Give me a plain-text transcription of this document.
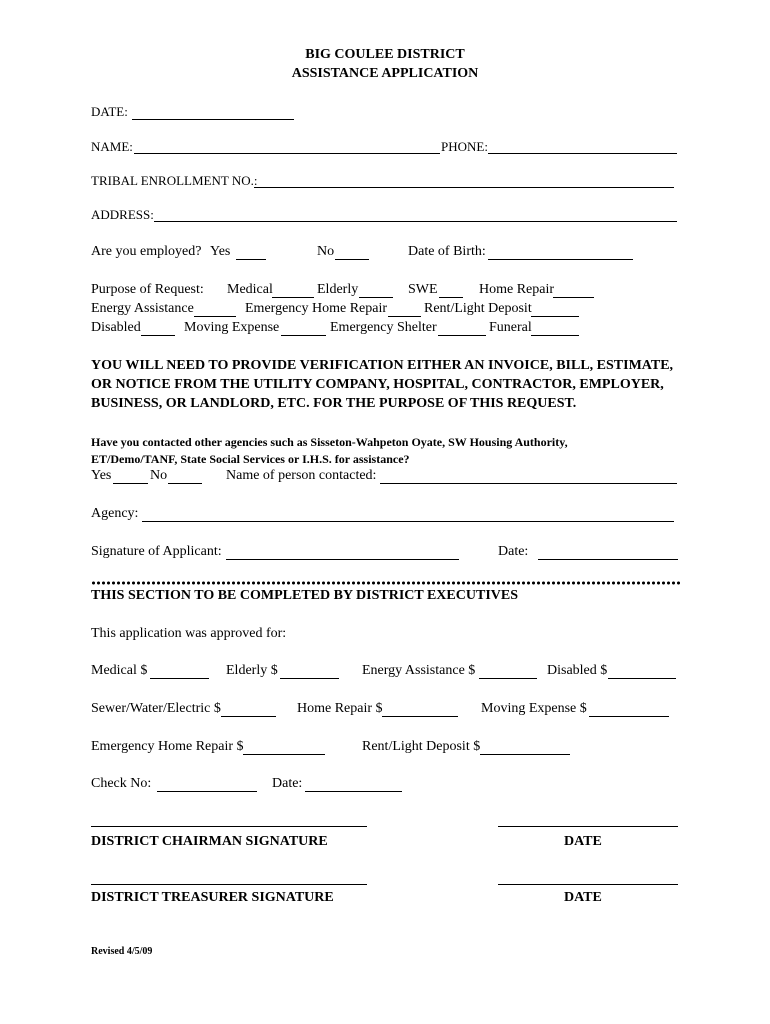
BIG COULEE DISTRICT
ASSISTANCE APPLICATION
DATE:
NAME:	PHONE:
TRIBAL ENROLLMENT NO.:
ADDRESS:
Are you employed? Yes	No	Date of Birth:
Purpose of Request: Medical	Elderly	SWE	Home Repair
Energy Assistance	Emergency Home Repair	Rent/Light Deposit
Disabled	Moving Expense	Emergency Shelter	Funeral
YOU WILL NEED TO PROVIDE VERIFICATION EITHER AN INVOICE, BILL, ESTIMATE,
OR NOTICE FROM THE UTILITY COMPANY, HOSPITAL, CONTRACTOR, EMPLOYER,
BUSINESS, OR LANDLORD, ETC. FOR THE PURPOSE OF THIS REQUEST.
Have you contacted other agencies such as Sisseton-Wahpeton Oyate, SW Housing Authority,
ET/Demo/TANF, State Social Services or I.H.S. for assistance?
Yes	No	Name of person contacted:
Agency:
Signature of Applicant:	Date:
THIS SECTION TO BE COMPLETED BY DISTRICT EXECUTIVES
This application was approved for:
Medical $	Elderly $	Energy Assistance $	Disabled $
Sewer/Water/Electric $	Home Repair $	Moving Expense $
Emergency Home Repair $	Rent/Light Deposit $
Check No:	Date:
DISTRICT CHAIRMAN SIGNATURE	DATE
DISTRICT TREASURER SIGNATURE	DATE
Revised 4/5/09
